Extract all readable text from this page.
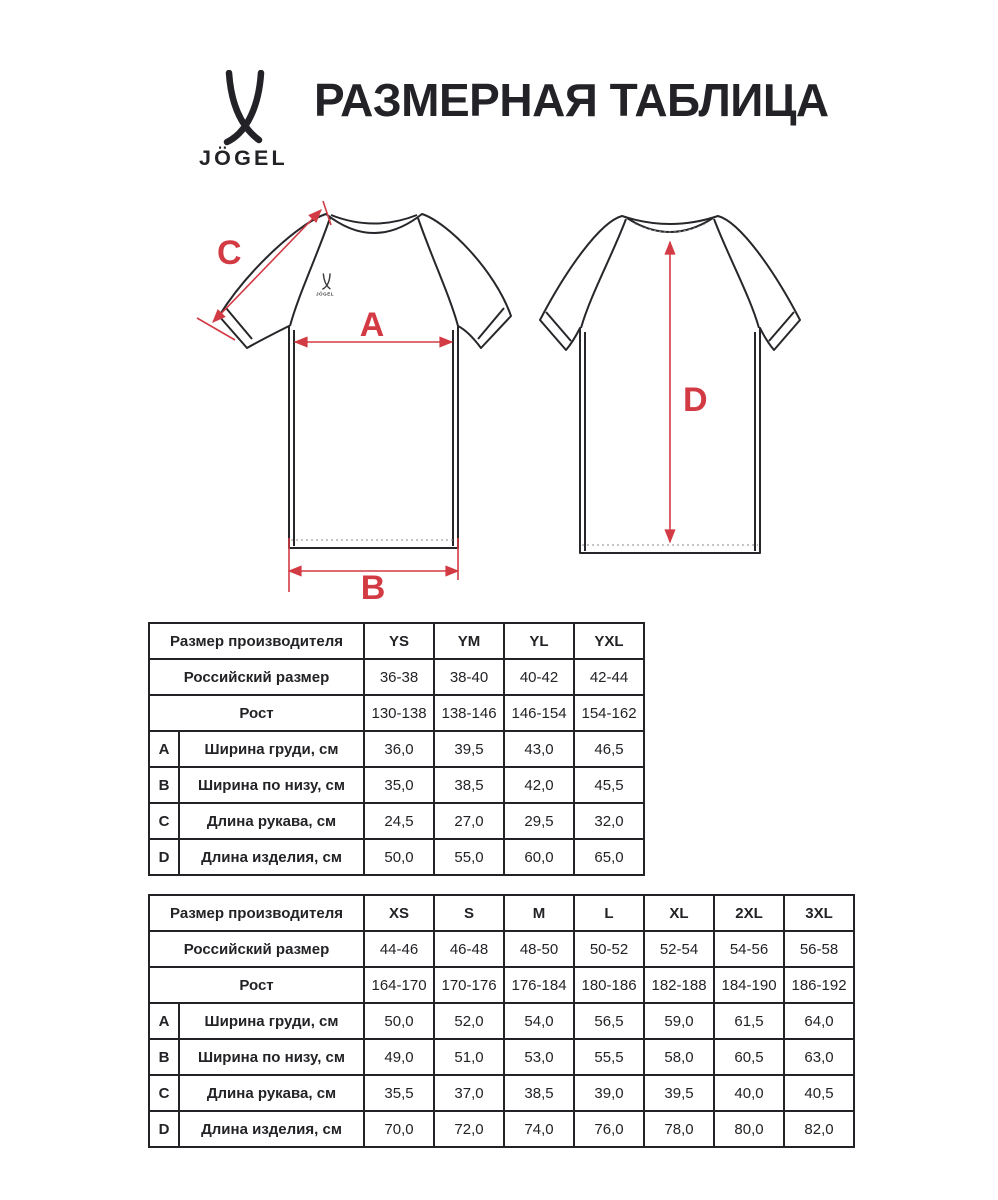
JÖGEL
РАЗМЕРНАЯ ТАБЛИЦА
JÖGEL
A
C
B
D
Размер производителя		YS	YM	YL	YXL
Российский размер		36-38	38-40	40-42	42-44
Рост		130-138	138-146	146-154	154-162
A	Ширина груди, см	36,0	39,5	43,0	46,5
B	Ширина по низу, см	35,0	38,5	42,0	45,5
C	Длина рукава, см	24,5	27,0	29,5	32,0
D	Длина изделия, см	50,0	55,0	60,0	65,0
Размер производителя		XS	S	M	L	XL	2XL	3XL
Российский размер		44-46	46-48	48-50	50-52	52-54	54-56	56-58
Рост		164-170	170-176	176-184	180-186	182-188	184-190	186-192
A	Ширина груди, см	50,0	52,0	54,0	56,5	59,0	61,5	64,0
B	Ширина по низу, см	49,0	51,0	53,0	55,5	58,0	60,5	63,0
C	Длина рукава, см	35,5	37,0	38,5	39,0	39,5	40,0	40,5
D	Длина изделия, см	70,0	72,0	74,0	76,0	78,0	80,0	82,0
